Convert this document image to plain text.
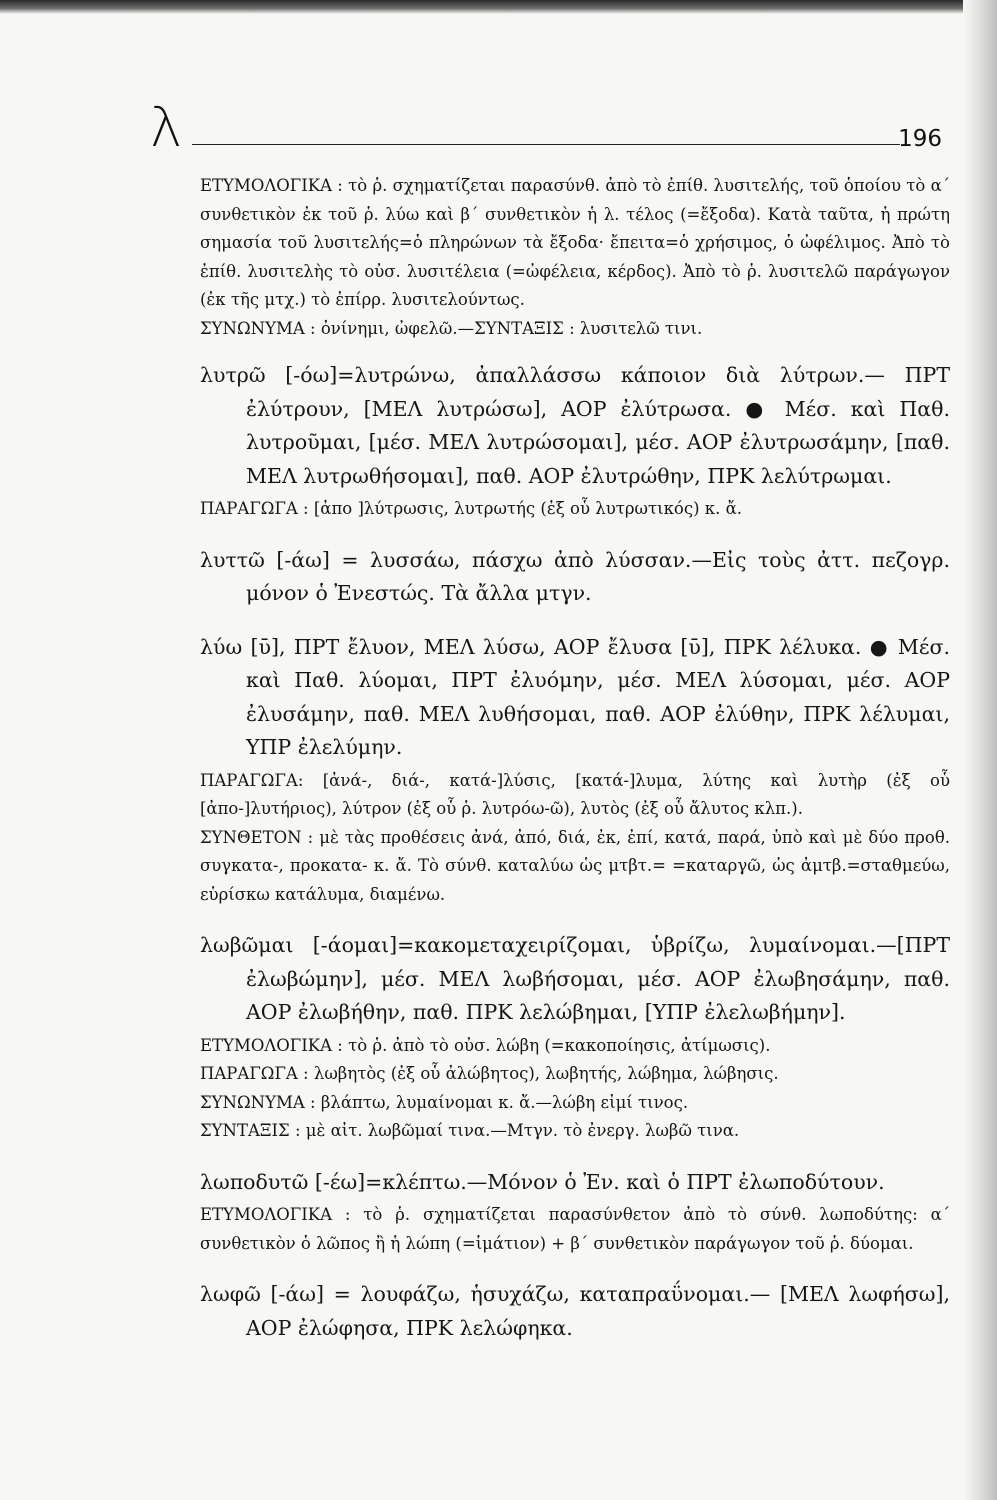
λ	196

ΕΤΥΜΟΛΟΓΙΚΑ : τὸ ῥ. σχηματίζεται παρασύνθ. ἀπὸ τὸ ἐπίθ. λυσιτελής, τοῦ ὁποίου τὸ α΄ συνθετικὸν ἐκ τοῦ ῥ. λύω καὶ β΄ συνθετικὸν ἡ λ. τέλος (=ἔξοδα). Κατὰ ταῦτα, ἡ πρώτη σημασία τοῦ λυσιτελής=ὁ πληρώνων τὰ ἔξοδα· ἔπειτα=ὁ χρήσιμος, ὁ ὠφέλιμος. Ἀπὸ τὸ ἐπίθ. λυσιτελὴς τὸ οὐσ. λυσιτέλεια (=ὠφέλεια, κέρδος). Ἀπὸ τὸ ῥ. λυσιτελῶ παράγωγον (ἐκ τῆς μτχ.) τὸ ἐπίρρ. λυσιτελούντως.

ΣΥΝΩΝΥΜΑ : ὀνίνημι, ὠφελῶ.—ΣΥΝΤΑΞΙΣ : λυσιτελῶ τινι.

λυτρῶ [-όω]=λυτρώνω, ἀπαλλάσσω κάποιον διὰ λύτρων.— ΠΡΤ ἐλύτρουν, [ΜΕΛ λυτρώσω], ΑΟΡ ἐλύτρωσα. ● Μέσ. καὶ Παθ. λυτροῦμαι, [μέσ. ΜΕΛ λυτρώσομαι], μέσ. ΑΟΡ ἐλυτρωσάμην, [παθ. ΜΕΛ λυτρωθήσομαι], παθ. ΑΟΡ ἐλυτρώθην, ΠΡΚ λελύτρωμαι.

ΠΑΡΑΓΩΓΑ : [ἀπο ]λύτρωσις, λυτρωτής (ἐξ οὗ λυτρωτικός) κ. ἄ.

λυττῶ [-άω] = λυσσάω, πάσχω ἀπὸ λύσσαν.—Εἰς τοὺς ἀττ. πεζογρ. μόνον ὁ Ἐνεστώς. Τὰ ἄλλα μτγν.

λύω [ῡ], ΠΡΤ ἔλυον, ΜΕΛ λύσω, ΑΟΡ ἔλυσα [ῡ], ΠΡΚ λέλυκα. ● Μέσ. καὶ Παθ. λύομαι, ΠΡΤ ἐλυόμην, μέσ. ΜΕΛ λύσομαι, μέσ. ΑΟΡ ἐλυσάμην, παθ. ΜΕΛ λυθήσομαι, παθ. ΑΟΡ ἐλύθην, ΠΡΚ λέλυμαι, ΥΠΡ ἐλελύμην.

ΠΑΡΑΓΩΓΑ: [ἀνά-, διά-, κατά-]λύσις, [κατά-]λυμα, λύτης καὶ λυτὴρ (ἐξ οὗ [ἀπο-]λυτήριος), λύτρον (ἐξ οὗ ῥ. λυτρόω-ῶ), λυτὸς (ἐξ οὗ ἄλυτος κλπ.).

ΣΥΝΘΕΤΟΝ : μὲ τὰς προθέσεις ἀνά, ἀπό, διά, ἐκ, ἐπί, κατά, παρά, ὑπὸ καὶ μὲ δύο προθ. συγκατα-, προκατα- κ. ἄ. Τὸ σύνθ. καταλύω ὡς μτβτ.= =καταργῶ, ὡς ἀμτβ.=σταθμεύω, εὑρίσκω κατάλυμα, διαμένω.

λωβῶμαι [-άομαι]=κακομεταχειρίζομαι, ὑβρίζω, λυμαίνομαι.—[ΠΡΤ ἐλωβώμην], μέσ. ΜΕΛ λωβήσομαι, μέσ. ΑΟΡ ἐλωβησάμην, παθ. ΑΟΡ ἐλωβήθην, παθ. ΠΡΚ λελώβημαι, [ΥΠΡ ἐλελωβήμην].

ΕΤΥΜΟΛΟΓΙΚΑ : τὸ ῥ. ἀπὸ τὸ οὐσ. λώβη (=κακοποίησις, ἀτίμωσις).

ΠΑΡΑΓΩΓΑ : λωβητὸς (ἐξ οὗ ἀλώβητος), λωβητής, λώβημα, λώβησις.

ΣΥΝΩΝΥΜΑ : βλάπτω, λυμαίνομαι κ. ἄ.—λώβη εἰμί τινος.

ΣΥΝΤΑΞΙΣ : μὲ αἰτ. λωβῶμαί τινα.—Μτγν. τὸ ἐνεργ. λωβῶ τινα.

λωποδυτῶ [-έω]=κλέπτω.—Μόνον ὁ Ἐν. καὶ ὁ ΠΡΤ ἐλωποδύτουν.

ΕΤΥΜΟΛΟΓΙΚΑ : τὸ ῥ. σχηματίζεται παρασύνθετον ἀπὸ τὸ σύνθ. λωποδύτης: α΄ συνθετικὸν ὁ λῶπος ἢ ἡ λώπη (=ἱμάτιον) + β΄ συνθετικὸν παράγωγον τοῦ ῥ. δύομαι.

λωφῶ [-άω] = λουφάζω, ἡσυχάζω, καταπραΰνομαι.— [ΜΕΛ λωφήσω], ΑΟΡ ἐλώφησα, ΠΡΚ λελώφηκα.
